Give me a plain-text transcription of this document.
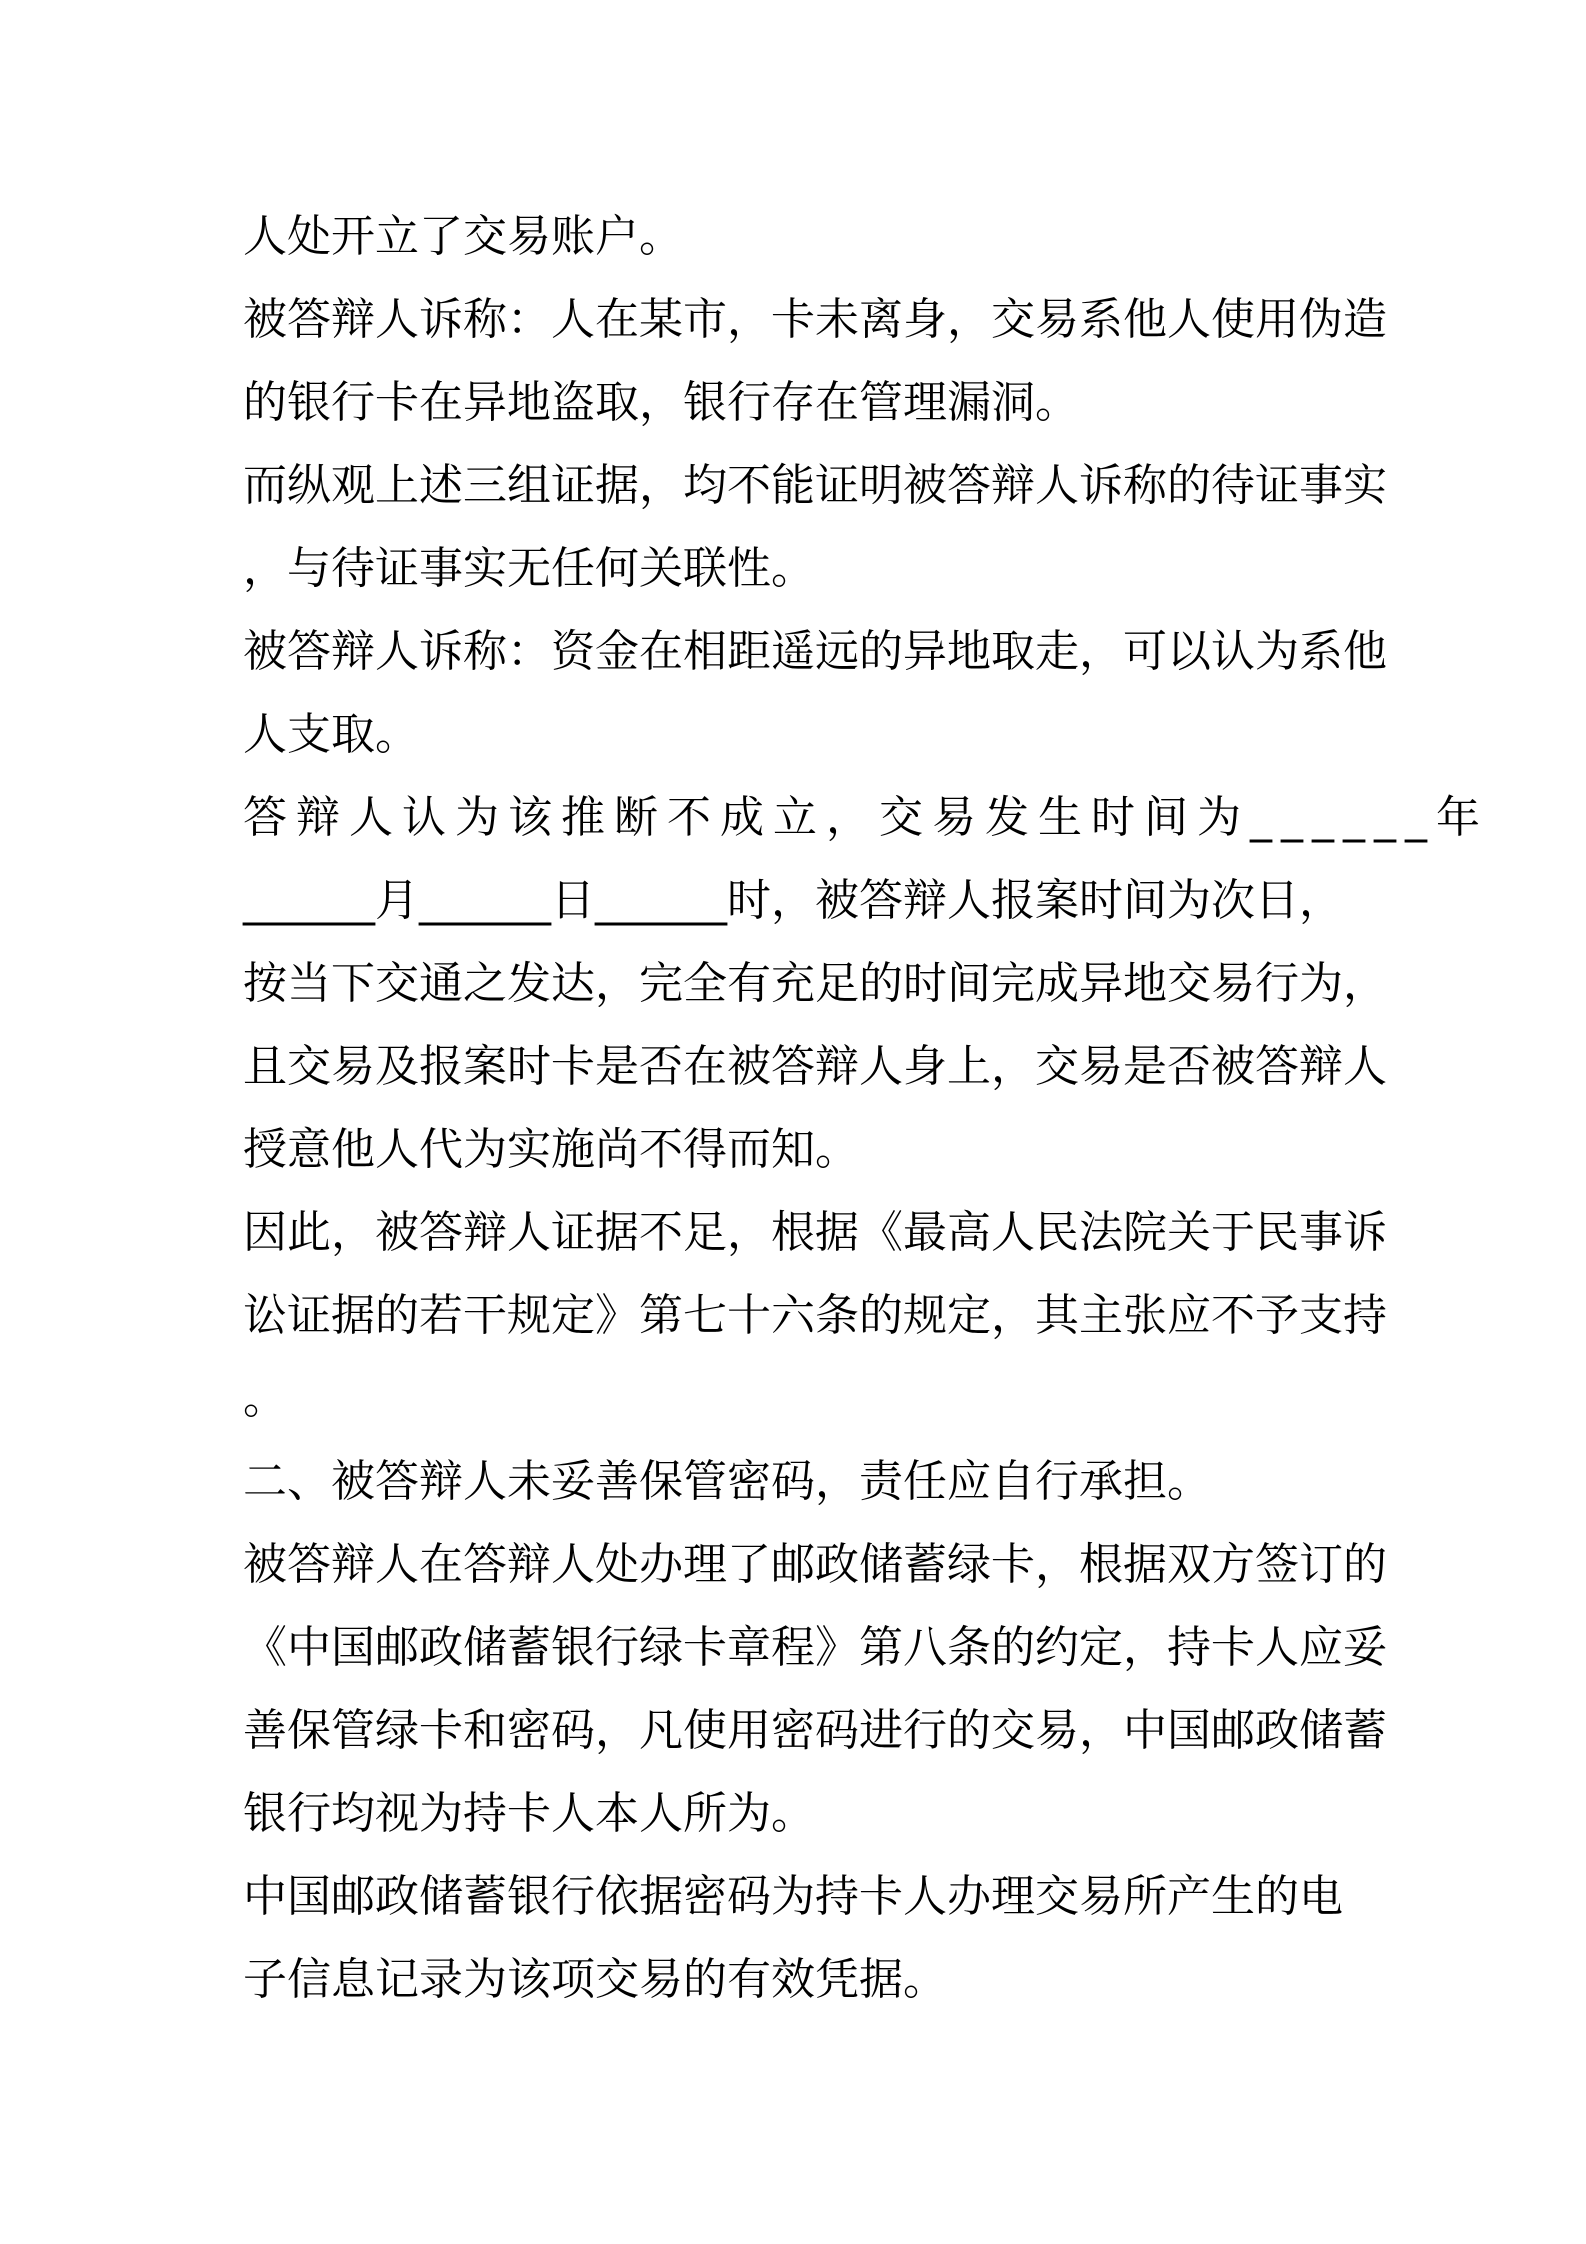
人处开立了交易账户。
被答辩人诉称：人在某市，卡未离身，交易系他人使用伪造
的银行卡在异地盗取，银行存在管理漏洞。
而纵观上述三组证据，均不能证明被答辩人诉称的待证事实
，与待证事实无任何关联性。
被答辩人诉称：资金在相距遥远的异地取走，可以认为系他
人支取。
答辩人认为该推断不成立，交易发生时间为______年
______月______日______时，被答辩人报案时间为次日，
按当下交通之发达，完全有充足的时间完成异地交易行为，
且交易及报案时卡是否在被答辩人身上，交易是否被答辩人
授意他人代为实施尚不得而知。
因此，被答辩人证据不足，根据《最高人民法院关于民事诉
讼证据的若干规定》第七十六条的规定，其主张应不予支持
。
二、被答辩人未妥善保管密码，责任应自行承担。
被答辩人在答辩人处办理了邮政储蓄绿卡，根据双方签订的
《中国邮政储蓄银行绿卡章程》第八条的约定，持卡人应妥
善保管绿卡和密码，凡使用密码进行的交易，中国邮政储蓄
银行均视为持卡人本人所为。
中国邮政储蓄银行依据密码为持卡人办理交易所产生的电
子信息记录为该项交易的有效凭据。
